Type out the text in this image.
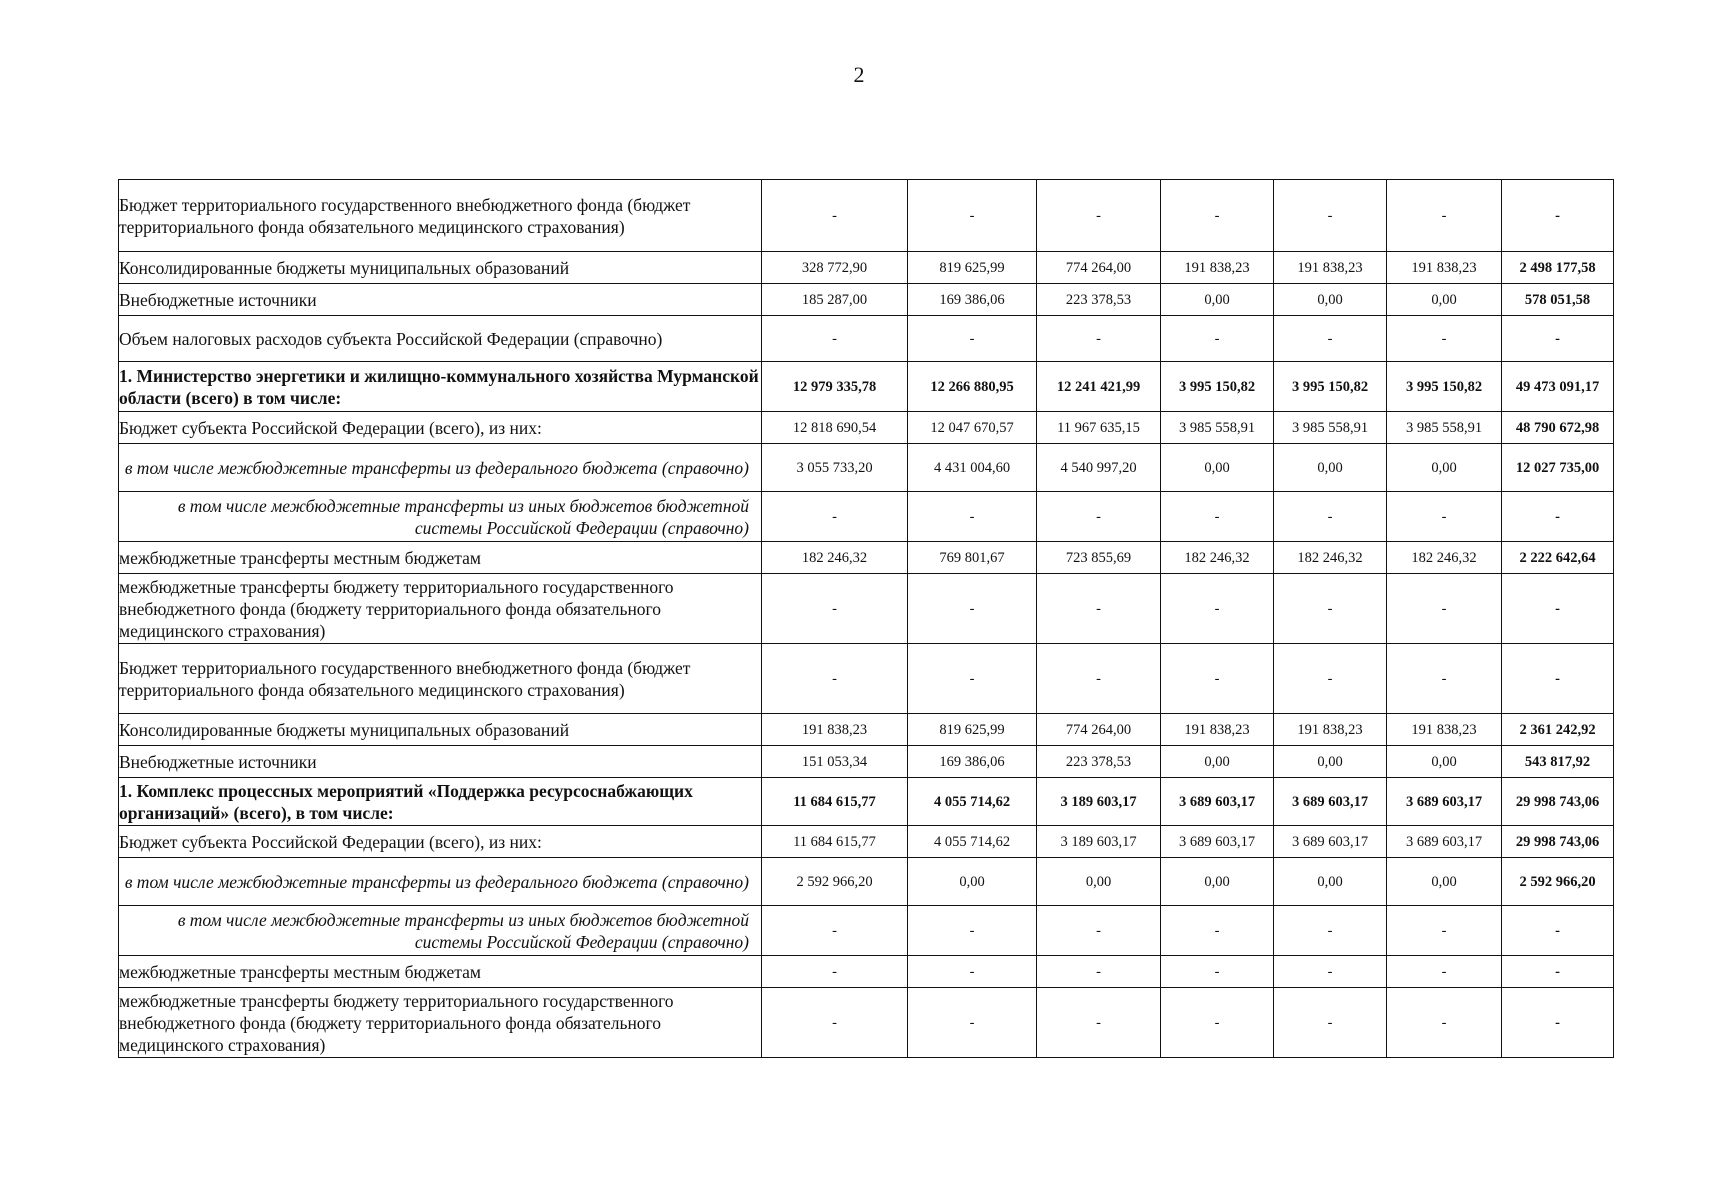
2
Бюджет территориального государственного внебюджетного фонда (бюджет территориального фонда обязательного медицинского страхования)	-	-	-	-	-	-	-
Консолидированные бюджеты муниципальных образований	328 772,90	819 625,99	774 264,00	191 838,23	191 838,23	191 838,23	2 498 177,58
Внебюджетные источники	185 287,00	169 386,06	223 378,53	0,00	0,00	0,00	578 051,58
Объем налоговых расходов субъекта Российской Федерации (справочно)	-	-	-	-	-	-	-
1. Министерство энергетики и жилищно-коммунального хозяйства Мурманской области (всего) в том числе:	12 979 335,78	12 266 880,95	12 241 421,99	3 995 150,82	3 995 150,82	3 995 150,82	49 473 091,17
Бюджет субъекта Российской Федерации (всего), из них:	12 818 690,54	12 047 670,57	11 967 635,15	3 985 558,91	3 985 558,91	3 985 558,91	48 790 672,98
в том числе межбюджетные трансферты из федерального бюджета (справочно)	3 055 733,20	4 431 004,60	4 540 997,20	0,00	0,00	0,00	12 027 735,00
в том числе межбюджетные трансферты из иных бюджетов бюджетной системы Российской Федерации (справочно)	-	-	-	-	-	-	-
межбюджетные трансферты местным бюджетам	182 246,32	769 801,67	723 855,69	182 246,32	182 246,32	182 246,32	2 222 642,64
межбюджетные трансферты бюджету территориального государственного внебюджетного фонда (бюджету территориального фонда обязательного медицинского страхования)	-	-	-	-	-	-	-
Бюджет территориального государственного внебюджетного фонда (бюджет территориального фонда обязательного медицинского страхования)	-	-	-	-	-	-	-
Консолидированные бюджеты муниципальных образований	191 838,23	819 625,99	774 264,00	191 838,23	191 838,23	191 838,23	2 361 242,92
Внебюджетные источники	151 053,34	169 386,06	223 378,53	0,00	0,00	0,00	543 817,92
1. Комплекс процессных мероприятий «Поддержка ресурсоснабжающих организаций» (всего), в том числе:	11 684 615,77	4 055 714,62	3 189 603,17	3 689 603,17	3 689 603,17	3 689 603,17	29 998 743,06
Бюджет субъекта Российской Федерации (всего), из них:	11 684 615,77	4 055 714,62	3 189 603,17	3 689 603,17	3 689 603,17	3 689 603,17	29 998 743,06
в том числе межбюджетные трансферты из федерального бюджета (справочно)	2 592 966,20	0,00	0,00	0,00	0,00	0,00	2 592 966,20
в том числе межбюджетные трансферты из иных бюджетов бюджетной системы Российской Федерации (справочно)	-	-	-	-	-	-	-
межбюджетные трансферты местным бюджетам	-	-	-	-	-	-	-
межбюджетные трансферты бюджету территориального государственного внебюджетного фонда (бюджету территориального фонда обязательного медицинского страхования)	-	-	-	-	-	-	-
